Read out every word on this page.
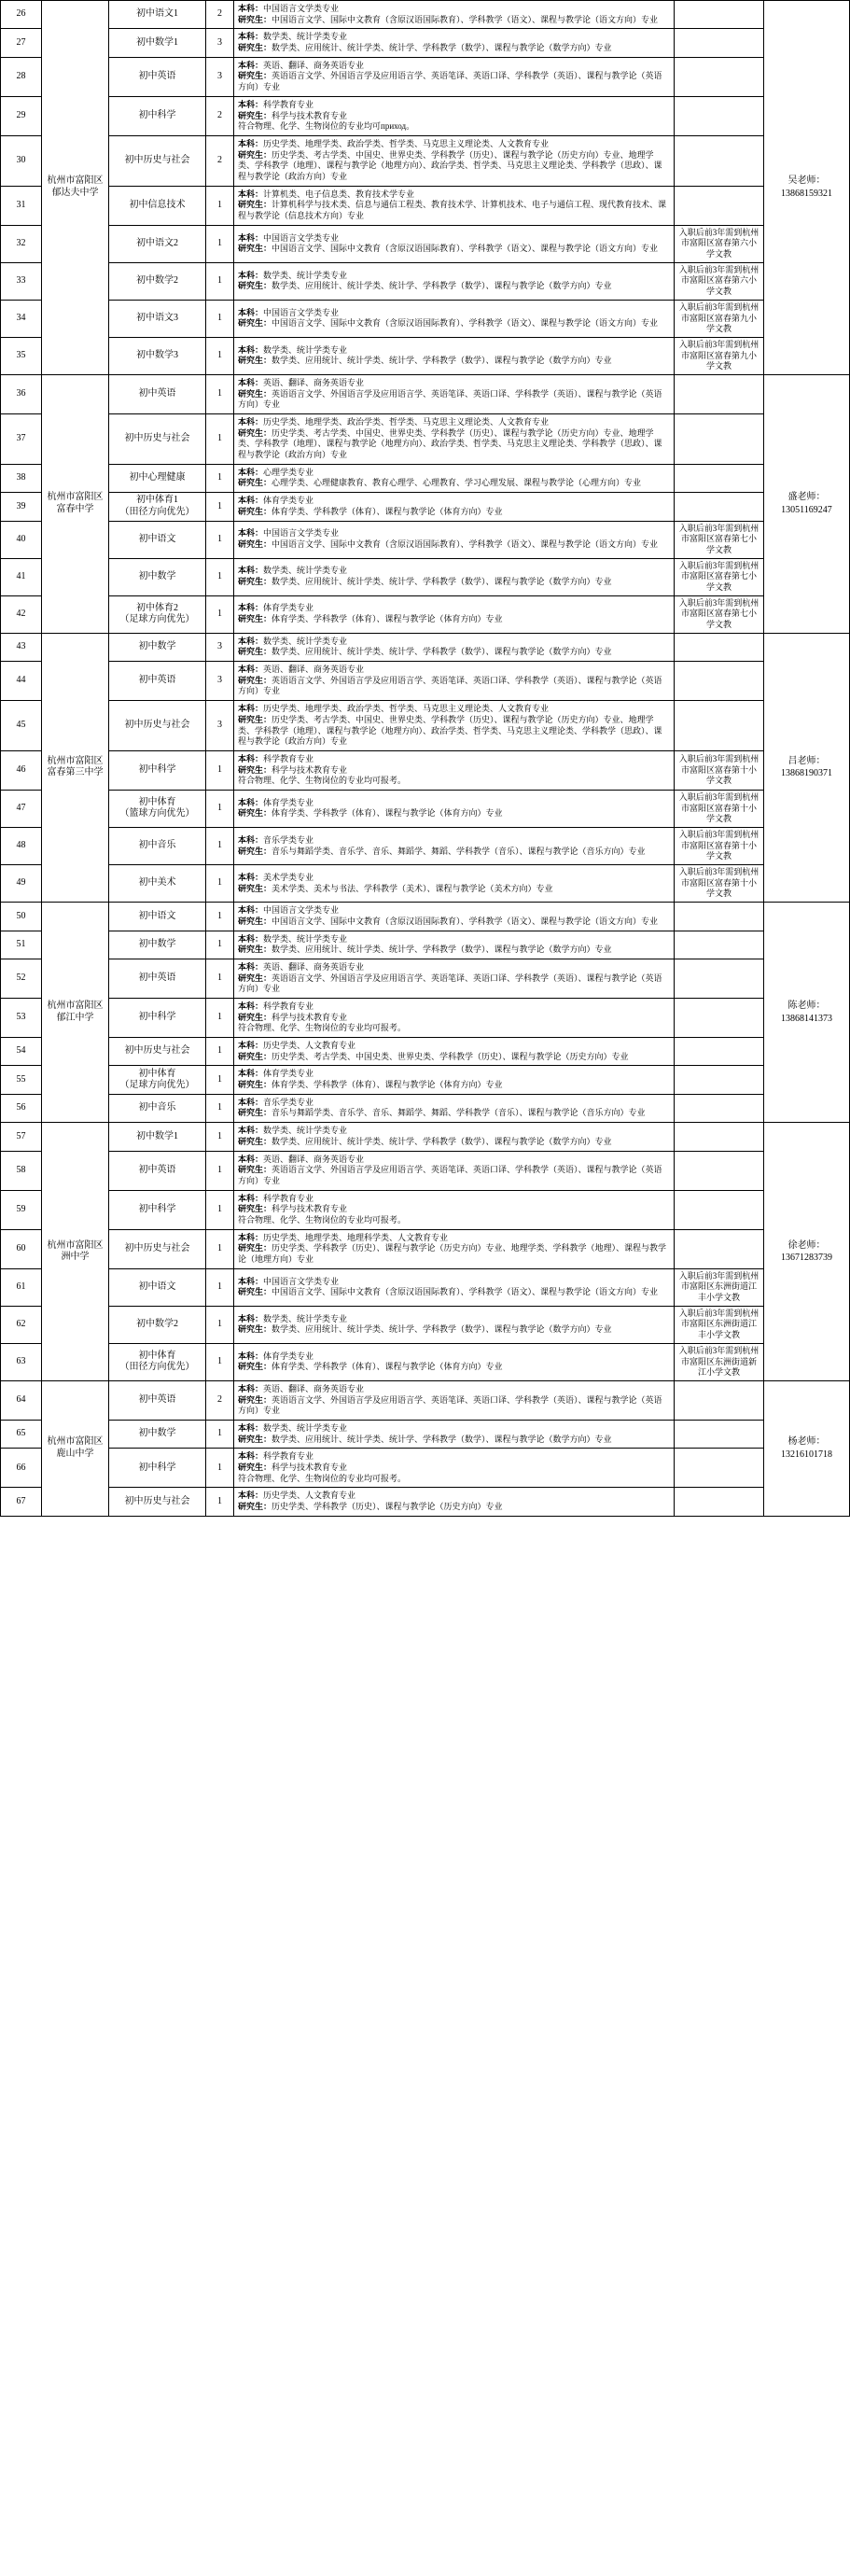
26	杭州市富阳区郁达夫中学	初中语文1	2	本科：中国语言文学类专业
研究生：中国语言文学、国际中文教育（含原汉语国际教育）、学科教学（语文）、课程与教学论（语文方向）专业		吴老师：
13868159321
27		初中数学1	3	本科：数学类、统计学类专业
研究生：数学类、应用统计、统计学类、统计学、学科教学（数学）、课程与教学论（数学方向）专业		
28		初中英语	3	本科：英语、翻译、商务英语专业
研究生：英语语言文学、外国语言学及应用语言学、英语笔译、英语口译、学科教学（英语）、课程与教学论（英语方向）专业		
29		初中科学	2	本科：科学教育专业
研究生：科学与技术教育专业
符合物理、化学、生物岗位的专业均可приход。		
30		初中历史与社会	2	本科：历史学类、地理学类、政治学类、哲学类、马克思主义理论类、人文教育专业
研究生：历史学类、考古学类、中国史、世界史类、学科教学（历史）、课程与教学论（历史方向）专业、地理学类、学科教学（地理）、课程与教学论（地理方向）、政治学类、哲学类、马克思主义理论类、学科教学（思政）、课程与教学论（政治方向）专业		
31		初中信息技术	1	本科：计算机类、电子信息类、教育技术学专业
研究生：计算机科学与技术类、信息与通信工程类、教育技术学、计算机技术、电子与通信工程、现代教育技术、课程与教学论（信息技术方向）专业		
32		初中语文2	1	本科：中国语言文学类专业
研究生：中国语言文学、国际中文教育（含原汉语国际教育）、学科教学（语文）、课程与教学论（语文方向）专业	入职后前3年需到杭州市富阳区富春第六小学文教	
33		初中数学2	1	本科：数学类、统计学类专业
研究生：数学类、应用统计、统计学类、统计学、学科教学（数学）、课程与教学论（数学方向）专业	入职后前3年需到杭州市富阳区富春第六小学文教	
34		初中语文3	1	本科：中国语言文学类专业
研究生：中国语言文学、国际中文教育（含原汉语国际教育）、学科教学（语文）、课程与教学论（语文方向）专业	入职后前3年需到杭州市富阳区富春第九小学文教	
35		初中数学3	1	本科：数学类、统计学类专业
研究生：数学类、应用统计、统计学类、统计学、学科教学（数学）、课程与教学论（数学方向）专业	入职后前3年需到杭州市富阳区富春第九小学文教	
36	杭州市富阳区富春中学	初中英语	1	本科：英语、翻译、商务英语专业
研究生：英语语言文学、外国语言学及应用语言学、英语笔译、英语口译、学科教学（英语）、课程与教学论（英语方向）专业		盛老师：
13051169247
37		初中历史与社会	1	本科：历史学类、地理学类、政治学类、哲学类、马克思主义理论类、人文教育专业
研究生：历史学类、考古学类、中国史、世界史类、学科教学（历史）、课程与教学论（历史方向）专业、地理学类、学科教学（地理）、课程与教学论（地理方向）、政治学类、哲学类、马克思主义理论类、学科教学（思政）、课程与教学论（政治方向）专业		
38		初中心理健康	1	本科：心理学类专业
研究生：心理学类、心理健康教育、教育心理学、心理教育、学习心理发展、课程与教学论（心理方向）专业		
39		初中体育1
（田径方向优先）	1	本科：体育学类专业
研究生：体育学类、学科教学（体育）、课程与教学论（体育方向）专业		
40		初中语文	1	本科：中国语言文学类专业
研究生：中国语言文学、国际中文教育（含原汉语国际教育）、学科教学（语文）、课程与教学论（语文方向）专业	入职后前3年需到杭州市富阳区富春第七小学文教	
41		初中数学	1	本科：数学类、统计学类专业
研究生：数学类、应用统计、统计学类、统计学、学科教学（数学）、课程与教学论（数学方向）专业	入职后前3年需到杭州市富阳区富春第七小学文教	
42		初中体育2
（足球方向优先）	1	本科：体育学类专业
研究生：体育学类、学科教学（体育）、课程与教学论（体育方向）专业	入职后前3年需到杭州市富阳区富春第七小学文教	
43	杭州市富阳区富春第三中学	初中数学	3	本科：数学类、统计学类专业
研究生：数学类、应用统计、统计学类、统计学、学科教学（数学）、课程与教学论（数学方向）专业		吕老师：
13868190371
44		初中英语	3	本科：英语、翻译、商务英语专业
研究生：英语语言文学、外国语言学及应用语言学、英语笔译、英语口译、学科教学（英语）、课程与教学论（英语方向）专业		
45		初中历史与社会	3	本科：历史学类、地理学类、政治学类、哲学类、马克思主义理论类、人文教育专业
研究生：历史学类、考古学类、中国史、世界史类、学科教学（历史）、课程与教学论（历史方向）专业、地理学类、学科教学（地理）、课程与教学论（地理方向）、政治学类、哲学类、马克思主义理论类、学科教学（思政）、课程与教学论（政治方向）专业		
46		初中科学	1	本科：科学教育专业
研究生：科学与技术教育专业
符合物理、化学、生物岗位的专业均可报考。	入职后前3年需到杭州市富阳区富春第十小学文教	
47		初中体育
（篮球方向优先）	1	本科：体育学类专业
研究生：体育学类、学科教学（体育）、课程与教学论（体育方向）专业	入职后前3年需到杭州市富阳区富春第十小学文教	
48		初中音乐	1	本科：音乐学类专业
研究生：音乐与舞蹈学类、音乐学、音乐、舞蹈学、舞蹈、学科教学（音乐）、课程与教学论（音乐方向）专业	入职后前3年需到杭州市富阳区富春第十小学文教	
49		初中美术	1	本科：美术学类专业
研究生：美术学类、美术与书法、学科教学（美术）、课程与教学论（美术方向）专业	入职后前3年需到杭州市富阳区富春第十小学文教	
50	杭州市富阳区郁江中学	初中语文	1	本科：中国语言文学类专业
研究生：中国语言文学、国际中文教育（含原汉语国际教育）、学科教学（语文）、课程与教学论（语文方向）专业		陈老师：
13868141373
51		初中数学	1	本科：数学类、统计学类专业
研究生：数学类、应用统计、统计学类、统计学、学科教学（数学）、课程与教学论（数学方向）专业		
52		初中英语	1	本科：英语、翻译、商务英语专业
研究生：英语语言文学、外国语言学及应用语言学、英语笔译、英语口译、学科教学（英语）、课程与教学论（英语方向）专业		
53		初中科学	1	本科：科学教育专业
研究生：科学与技术教育专业
符合物理、化学、生物岗位的专业均可报考。		
54		初中历史与社会	1	本科：历史学类、人文教育专业
研究生：历史学类、考古学类、中国史类、世界史类、学科教学（历史）、课程与教学论（历史方向）专业		
55		初中体育
（足球方向优先）	1	本科：体育学类专业
研究生：体育学类、学科教学（体育）、课程与教学论（体育方向）专业		
56		初中音乐	1	本科：音乐学类专业
研究生：音乐与舞蹈学类、音乐学、音乐、舞蹈学、舞蹈、学科教学（音乐）、课程与教学论（音乐方向）专业		
57	杭州市富阳区洲中学	初中数学1	1	本科：数学类、统计学类专业
研究生：数学类、应用统计、统计学类、统计学、学科教学（数学）、课程与教学论（数学方向）专业		徐老师：
13671283739
58		初中英语	1	本科：英语、翻译、商务英语专业
研究生：英语语言文学、外国语言学及应用语言学、英语笔译、英语口译、学科教学（英语）、课程与教学论（英语方向）专业		
59		初中科学	1	本科：科学教育专业
研究生：科学与技术教育专业
符合物理、化学、生物岗位的专业均可报考。		
60		初中历史与社会	1	本科：历史学类、地理学类、地理科学类、人文教育专业
研究生：历史学类、学科教学（历史）、课程与教学论（历史方向）专业、地理学类、学科教学（地理）、课程与教学论（地理方向）专业		
61		初中语文	1	本科：中国语言文学类专业
研究生：中国语言文学、国际中文教育（含原汉语国际教育）、学科教学（语文）、课程与教学论（语文方向）专业	入职后前3年需到杭州市富阳区东洲街道江丰小学文教	
62		初中数学2	1	本科：数学类、统计学类专业
研究生：数学类、应用统计、统计学类、统计学、学科教学（数学）、课程与教学论（数学方向）专业	入职后前3年需到杭州市富阳区东洲街道江丰小学文教	
63		初中体育
（田径方向优先）	1	本科：体育学类专业
研究生：体育学类、学科教学（体育）、课程与教学论（体育方向）专业	入职后前3年需到杭州市富阳区东洲街道新江小学文教	
64	杭州市富阳区鹿山中学	初中英语	2	本科：英语、翻译、商务英语专业
研究生：英语语言文学、外国语言学及应用语言学、英语笔译、英语口译、学科教学（英语）、课程与教学论（英语方向）专业		杨老师：
13216101718
65		初中数学	1	本科：数学类、统计学类专业
研究生：数学类、应用统计、统计学类、统计学、学科教学（数学）、课程与教学论（数学方向）专业		
66		初中科学	1	本科：科学教育专业
研究生：科学与技术教育专业
符合物理、化学、生物岗位的专业均可报考。		
67		初中历史与社会	1	本科：历史学类、人文教育专业
研究生：历史学类、学科教学（历史）、课程与教学论（历史方向）专业		
